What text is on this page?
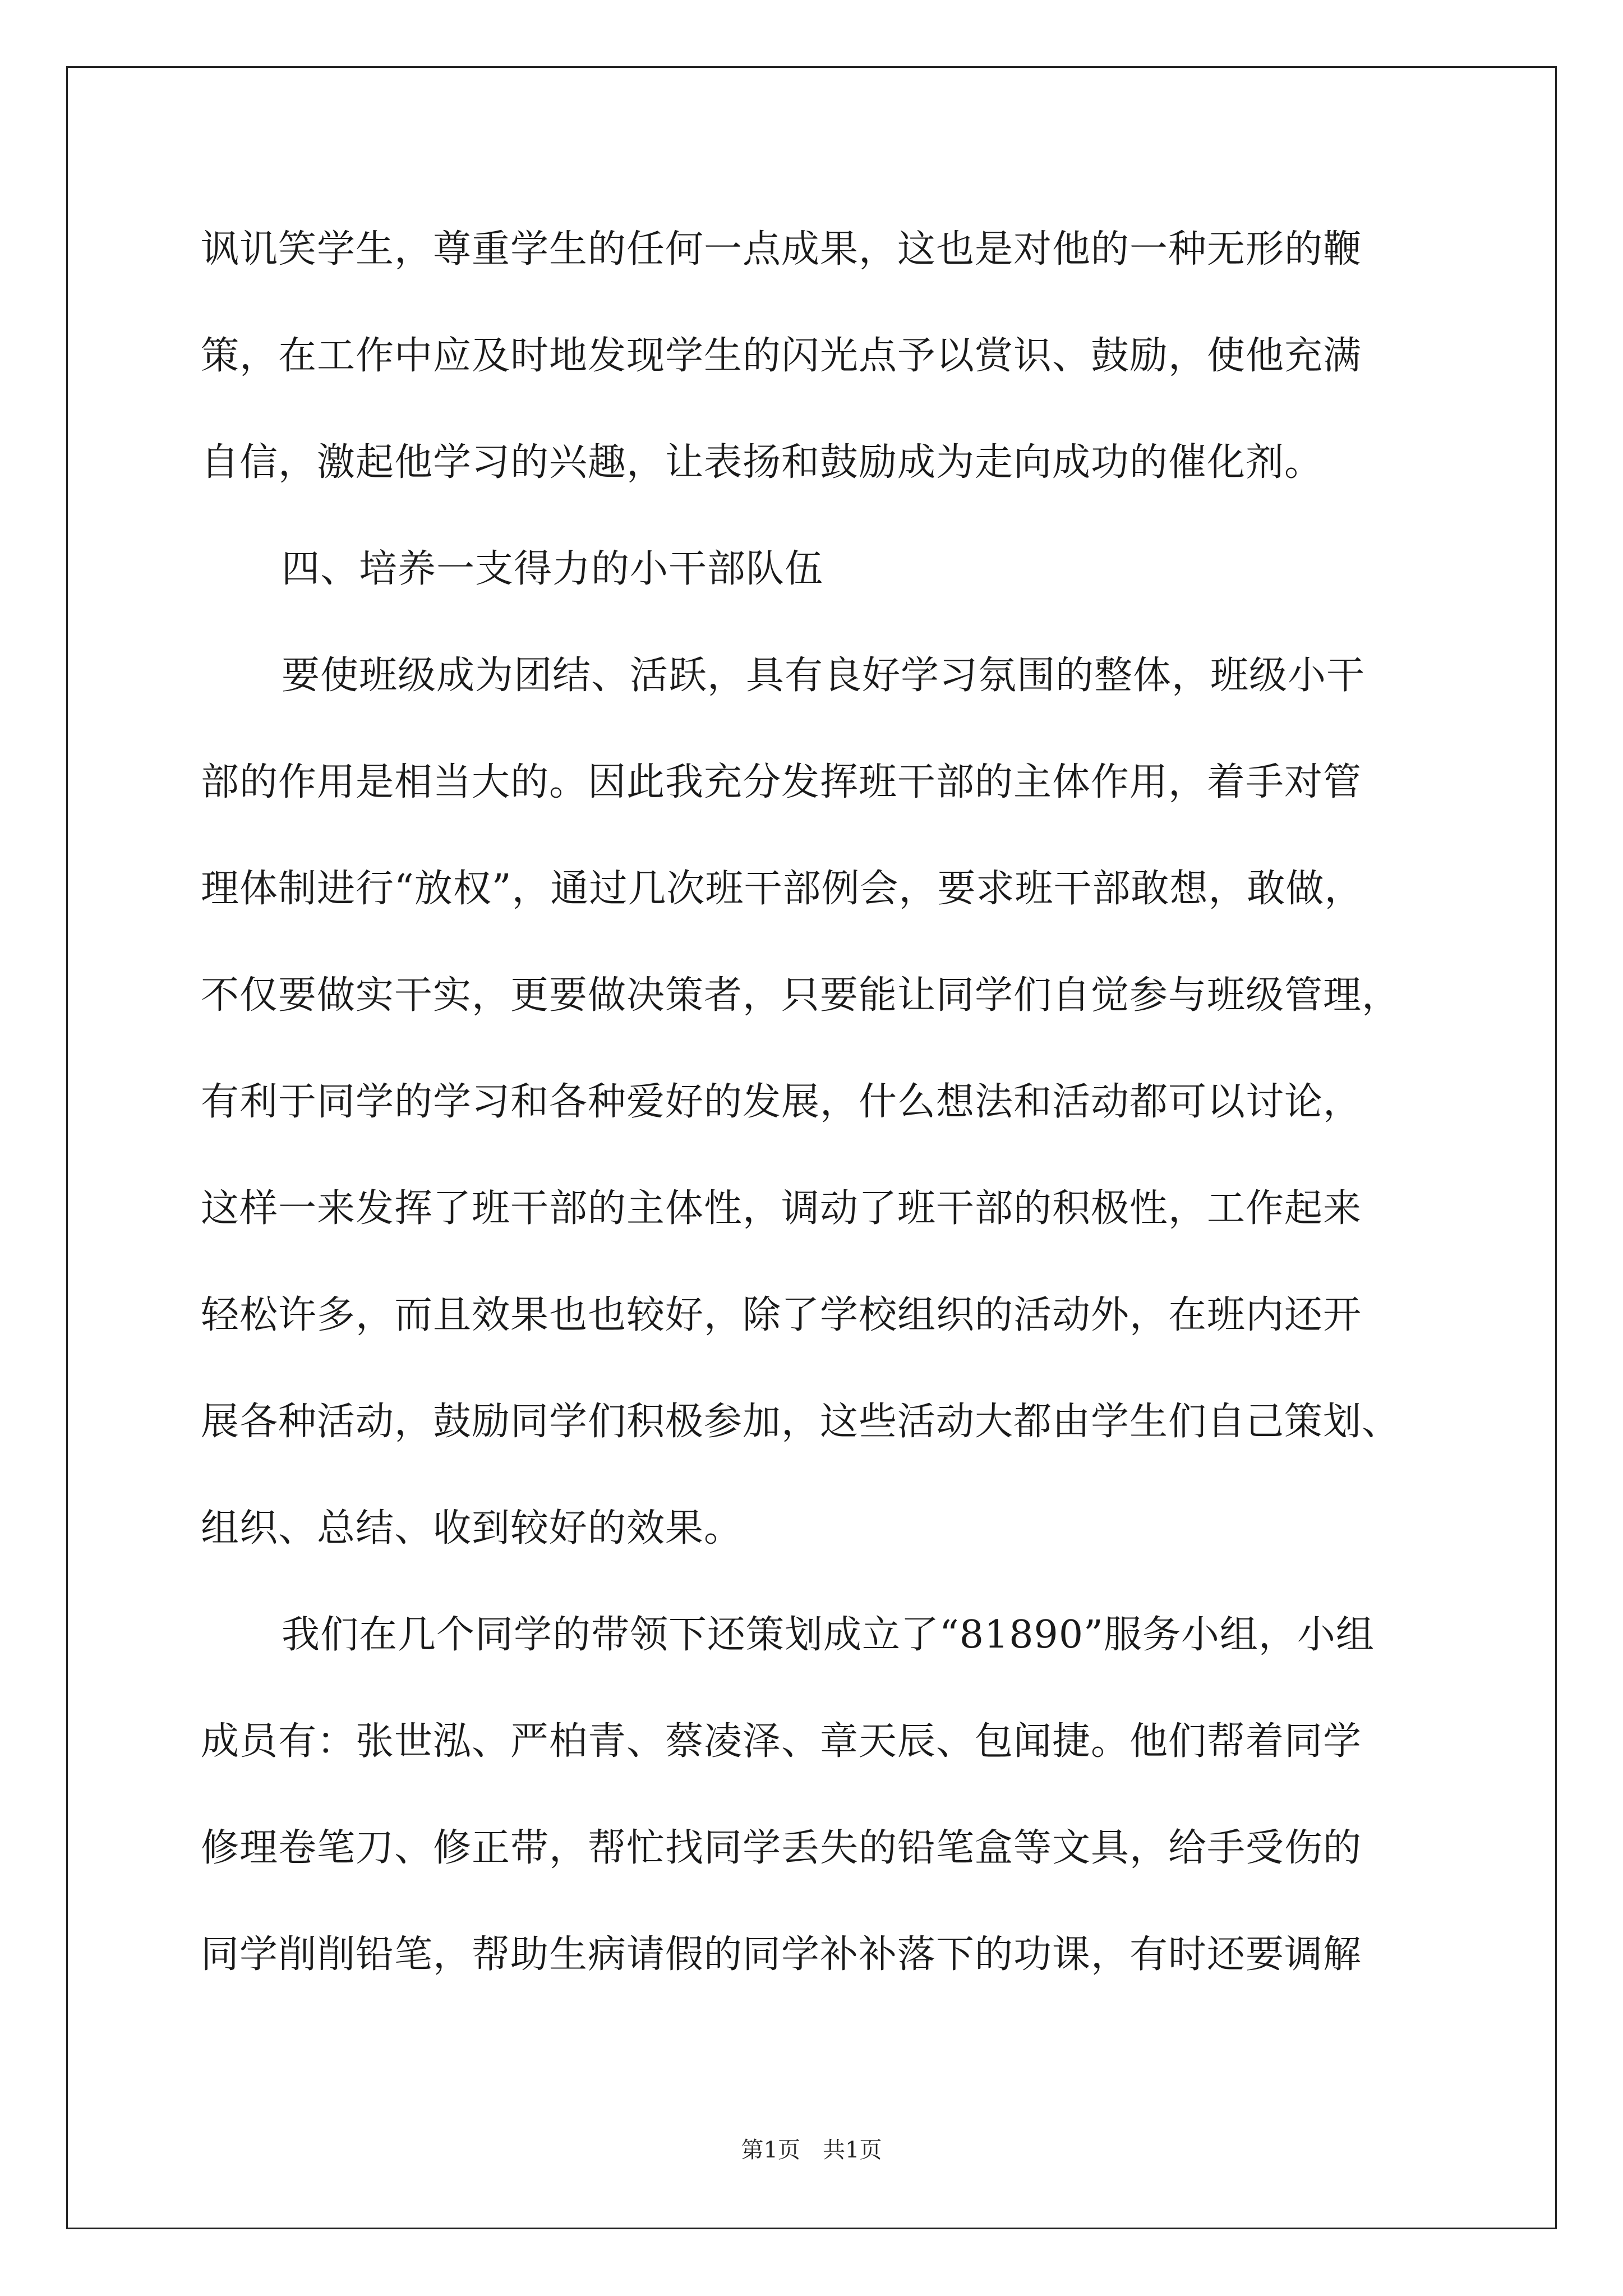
讽讥笑学生，尊重学生的任何一点成果，这也是对他的一种无形的鞭
策，在工作中应及时地发现学生的闪光点予以赏识、鼓励，使他充满
自信，激起他学习的兴趣，让表扬和鼓励成为走向成功的催化剂。
四、培养一支得力的小干部队伍
要使班级成为团结、活跃，具有良好学习氛围的整体，班级小干
部的作用是相当大的。因此我充分发挥班干部的主体作用，着手对管
理体制进行“放权”，通过几次班干部例会，要求班干部敢想，敢做，
不仅要做实干实，更要做决策者，只要能让同学们自觉参与班级管理，
有利于同学的学习和各种爱好的发展，什么想法和活动都可以讨论，
这样一来发挥了班干部的主体性，调动了班干部的积极性，工作起来
轻松许多，而且效果也也较好，除了学校组织的活动外，在班内还开
展各种活动，鼓励同学们积极参加，这些活动大都由学生们自己策划、
组织、总结、收到较好的效果。
我们在几个同学的带领下还策划成立了“81890”服务小组，小组
成员有：张世泓、严柏青、蔡凌泽、章天辰、包闻捷。他们帮着同学
修理卷笔刀、修正带，帮忙找同学丢失的铅笔盒等文具，给手受伤的
同学削削铅笔，帮助生病请假的同学补补落下的功课，有时还要调解
第1页　共1页
